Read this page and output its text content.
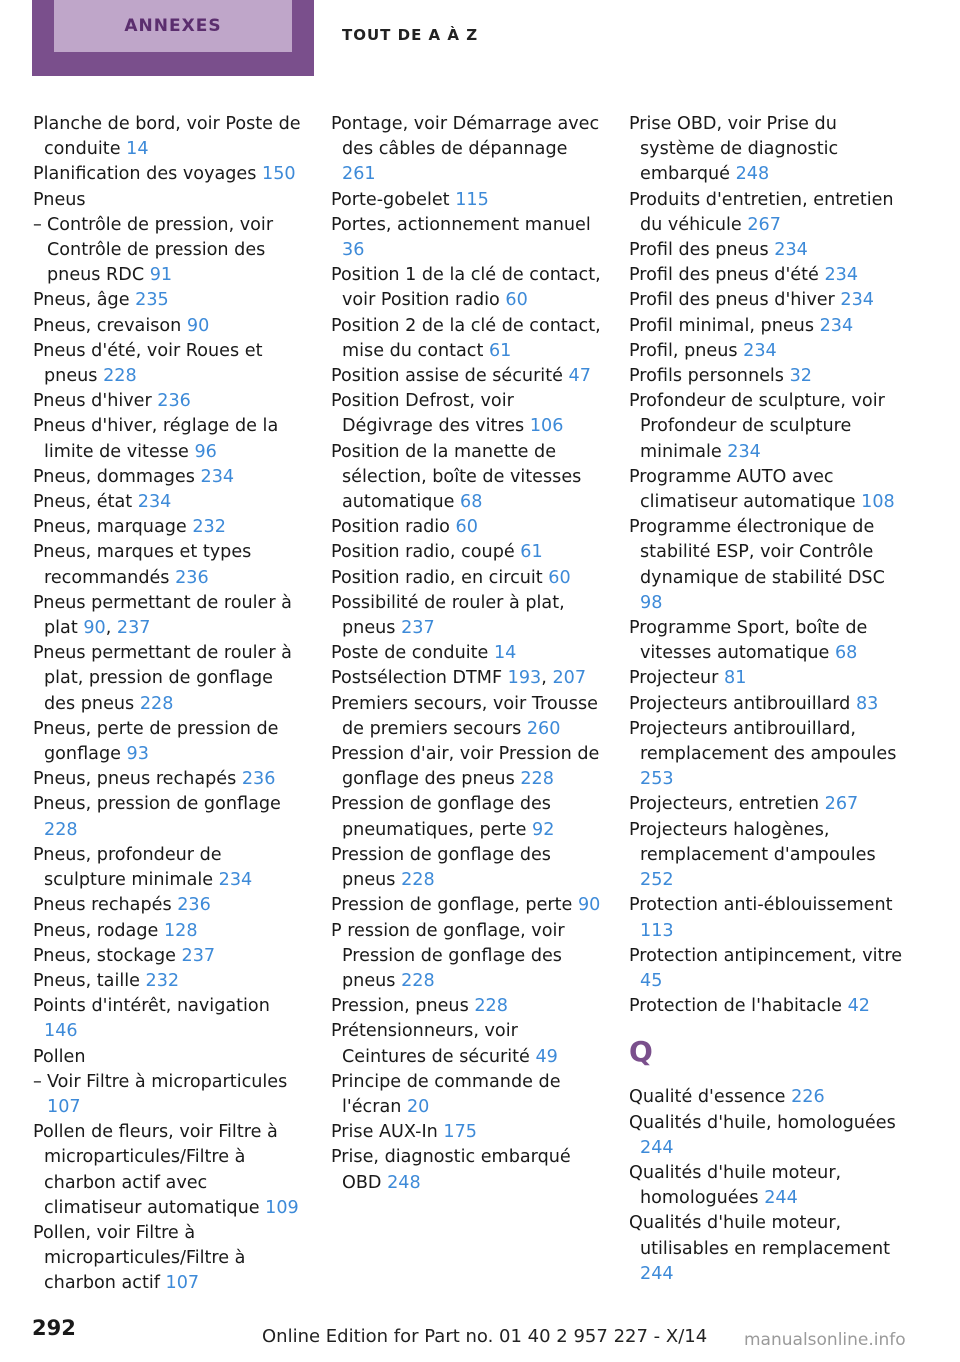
ANNEXES	TOUT DE A À Z
Planche de bord, voir Poste de conduite 14
Planification des voyages 150
Pneus
– Contrôle de pression, voir Contrôle de pression des pneus RDC 91
Pneus, âge 235
Pneus, crevaison 90
Pneus d'été, voir Roues et pneus 228
Pneus d'hiver 236
Pneus d'hiver, réglage de la limite de vitesse 96
Pneus, dommages 234
Pneus, état 234
Pneus, marquage 232
Pneus, marques et types recommandés 236
Pneus permettant de rouler à plat 90, 237
Pneus permettant de rouler à plat, pression de gonflage des pneus 228
Pneus, perte de pression de gonflage 93
Pneus, pneus rechapés 236
Pneus, pression de gonflage 228
Pneus, profondeur de sculpture minimale 234
Pneus rechapés 236
Pneus, rodage 128
Pneus, stockage 237
Pneus, taille 232
Points d'intérêt, navigation 146
Pollen
– Voir Filtre à microparticules 107
Pollen de fleurs, voir Filtre à microparticules/Filtre à charbon actif avec climatiseur automatique 109
Pollen, voir Filtre à microparticules/Filtre à charbon actif 107
Pontage, voir Démarrage avec des câbles de dépannage 261
Porte-gobelet 115
Portes, actionnement manuel 36
Position 1 de la clé de contact, voir Position radio 60
Position 2 de la clé de contact, mise du contact 61
Position assise de sécurité 47
Position Defrost, voir Dégivrage des vitres 106
Position de la manette de sélection, boîte de vitesses automatique 68
Position radio 60
Position radio, coupé 61
Position radio, en circuit 60
Possibilité de rouler à plat, pneus 237
Poste de conduite 14
Postsélection DTMF 193, 207
Premiers secours, voir Trousse de premiers secours 260
Pression d'air, voir Pression de gonflage des pneus 228
Pression de gonflage des pneumatiques, perte 92
Pression de gonflage des pneus 228
Pression de gonflage, perte 90
P ression de gonflage, voir Pression de gonflage des pneus 228
Pression, pneus 228
Prétensionneurs, voir Ceintures de sécurité 49
Principe de commande de l'écran 20
Prise AUX-In 175
Prise, diagnostic embarqué OBD 248
Prise OBD, voir Prise du système de diagnostic embarqué 248
Produits d'entretien, entretien du véhicule 267
Profil des pneus 234
Profil des pneus d'été 234
Profil des pneus d'hiver 234
Profil minimal, pneus 234
Profil, pneus 234
Profils personnels 32
Profondeur de sculpture, voir Profondeur de sculpture minimale 234
Programme AUTO avec climatiseur automatique 108
Programme électronique de stabilité ESP, voir Contrôle dynamique de stabilité DSC 98
Programme Sport, boîte de vitesses automatique 68
Projecteur 81
Projecteurs antibrouillard 83
Projecteurs antibrouillard, remplacement des ampoules 253
Projecteurs, entretien 267
Projecteurs halogènes, remplacement d'ampoules 252
Protection anti-éblouissement 113
Protection antipincement, vitre 45
Protection de l'habitacle 42
Q
Qualité d'essence 226
Qualités d'huile, homologuées 244
Qualités d'huile moteur, homologuées 244
Qualités d'huile moteur, utilisables en remplacement 244
292	Online Edition for Part no. 01 40 2 957 227 - X/14 manualsonline.info
